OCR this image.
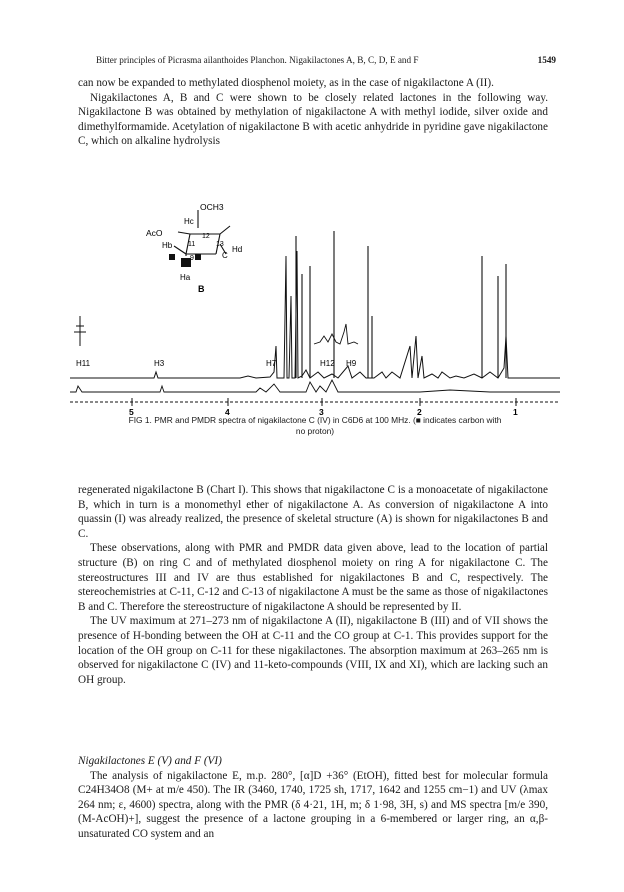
Bitter principles of Picrasma ailanthoides Planchon. Nigakilactones A, B, C, D, E and F	1549

can now be expanded to methylated diosphenol moiety, as in the case of nigakilactone A (II).

Nigakilactones A, B and C were shown to be closely related lactones in the following way. Nigakilactone B was obtained by methylation of nigakilactone A with methyl iodide, silver oxide and dimethylformamide. Acetylation of nigakilactone B with acetic anhydride in pyridine gave nigakilactone C, which on alkaline hydrolysis

OCH3
AcO
Hc
11
12
13
9
Hb	Hd
Ha
C
B
5	4	3	2	1
H11	H3	H7	H12 H9
FIG 1. PMR and PMDR spectra of nigakilactone C (IV) in C6D6 at 100 MHz. (■ indicates carbon with no proton)

regenerated nigakilactone B (Chart I). This shows that nigakilactone C is a monoacetate of nigakilactone B, which in turn is a monomethyl ether of nigakilactone A. As conversion of nigakilactone A into quassin (I) was already realized, the presence of skeletal structure (A) is shown for nigakilactones B and C.

These observations, along with PMR and PMDR data given above, lead to the location of partial structure (B) on ring C and of methylated diosphenol moiety on ring A for nigakilactone C. The stereostructures III and IV are thus established for nigakilactones B and C, respectively. The stereochemistries at C-11, C-12 and C-13 of nigakilactone A must be the same as those of nigakilactones B and C. Therefore the stereostructure of nigakilactone A should be represented by II.

The UV maximum at 271–273 nm of nigakilactone A (II), nigakilactone B (III) and of VII shows the presence of H-bonding between the OH at C-11 and the CO group at C-1. This provides support for the location of the OH group on C-11 for these nigakilactones. The absorption maximum at 263–265 nm is observed for nigakilactone C (IV) and 11-keto-compounds (VIII, IX and XI), which are lacking such an OH group.

Nigakilactones E (V) and F (VI)

The analysis of nigakilactone E, m.p. 280°, [α]D +36° (EtOH), fitted best for molecular formula C24H34O8 (M+ at m/e 450). The IR (3460, 1740, 1725 sh, 1717, 1642 and 1255 cm−1) and UV (λmax 264 nm; ε, 4600) spectra, along with the PMR (δ 4·21, 1H, m; δ 1·98, 3H, s) and MS spectra [m/e 390, (M-AcOH)+], suggest the presence of a lactone grouping in a 6-membered or larger ring, an α,β-unsaturated CO system and an
